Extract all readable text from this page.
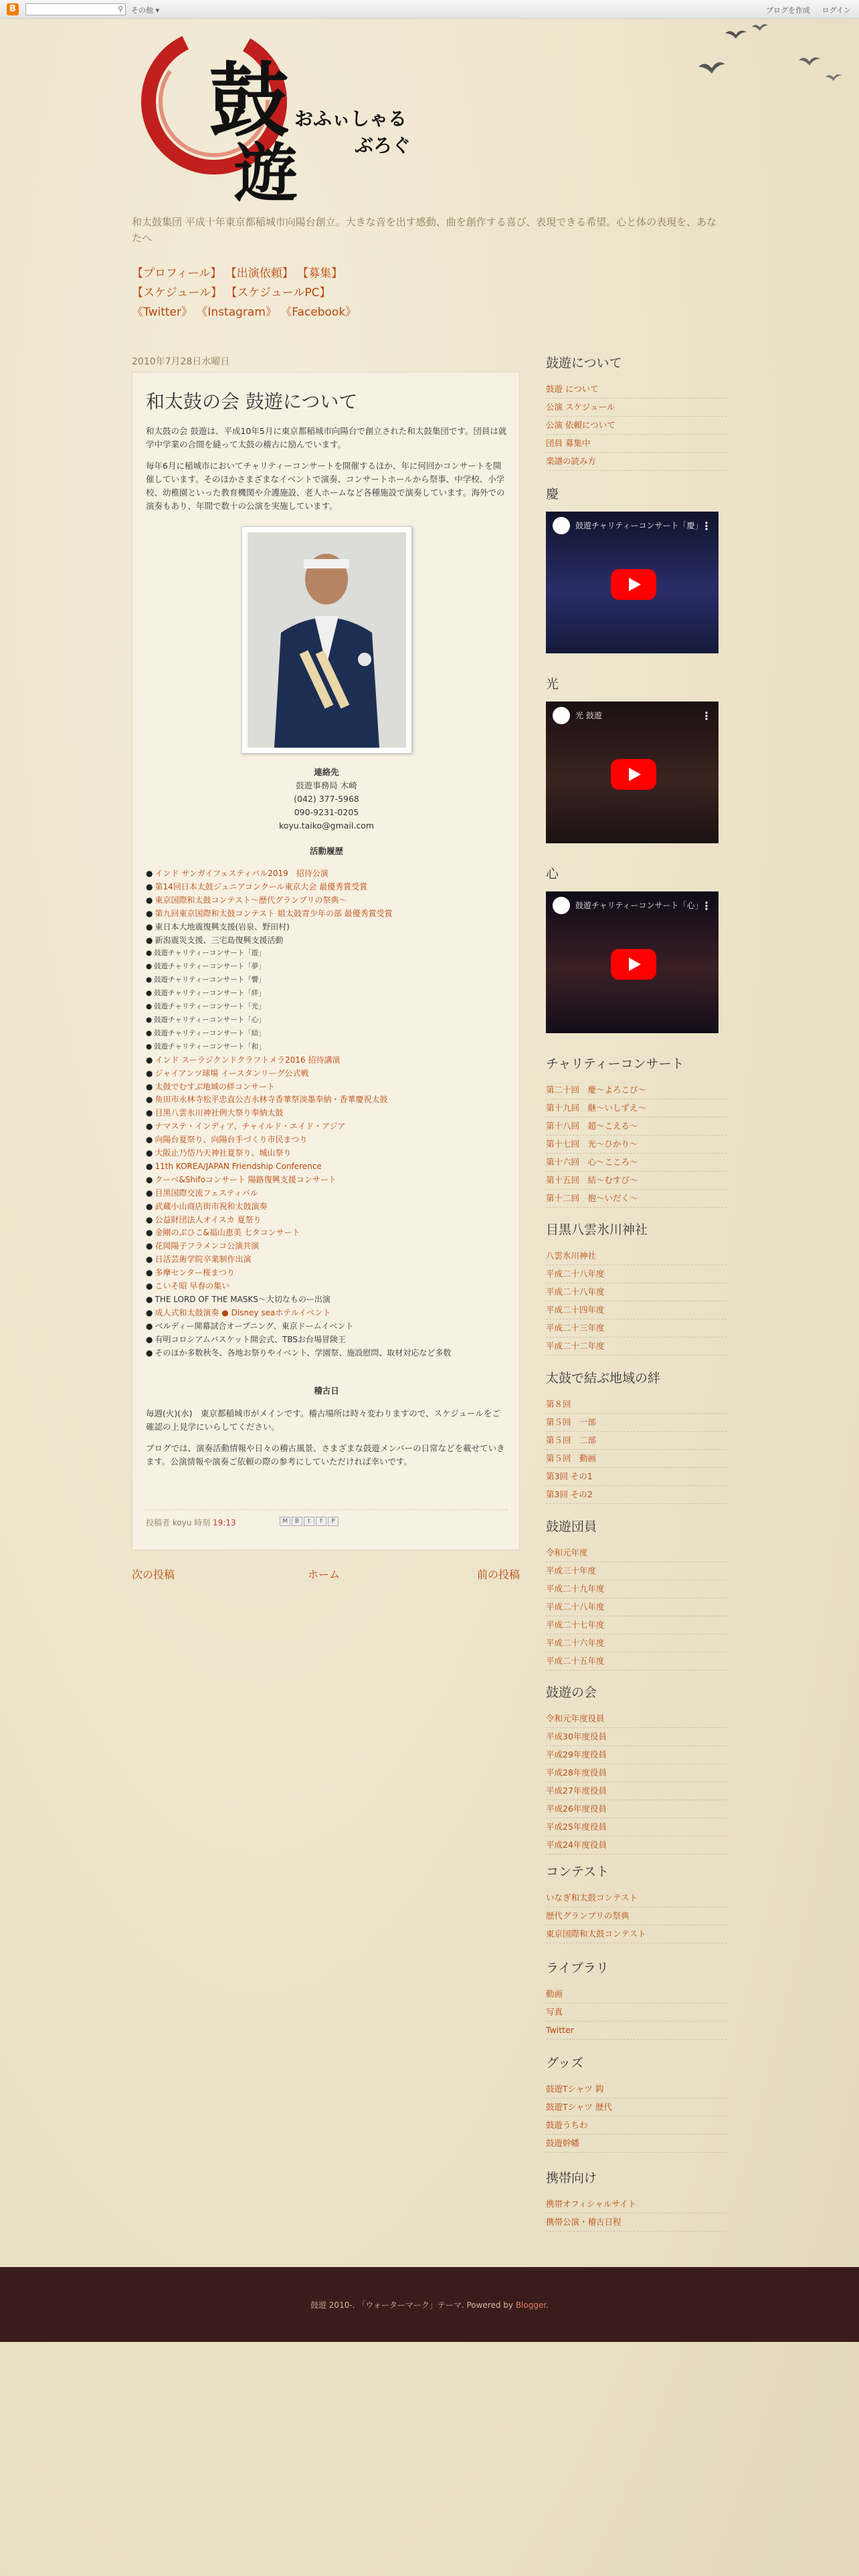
B	⚲ その他 ▾	ブログを作成 ログイン
鼓
遊
おふぃしゃる
ぶろぐ
和太鼓集団 平成十年東京都稲城市向陽台創立。大きな音を出す感動、曲を創作する喜び、表現できる希望。心と体の表現を、あなたへ
【プロフィール】 【出演依頼】 【募集】
【スケジュール】 【スケジュールPC】
《Twitter》 《Instagram》 《Facebook》
2010年7月28日水曜日
和太鼓の会 鼓遊について

和太鼓の会 鼓遊は、平成10年5月に東京都稲城市向陽台で創立された和太鼓集団です。団員は就学中学業の合間を縫って太鼓の稽古に励んでいます。

毎年6月に稲城市においてチャリティーコンサートを開催するほか、年に何回かコンサートを開催しています。そのほかさまざまなイベントで演奏、コンサートホールから祭事、中学校、小学校、幼稚園といった教育機関や介護施設、老人ホームなど各種施設で演奏しています。海外での演奏もあり、年間で数十の公演を実施しています。

連絡先
鼓遊事務局 木崎
(042) 377-5968
090-9231-0205
koyu.taiko@gmail.com
活動履歴
● インド サンガイフェスティバル2019　招待公演
● 第14回日本太鼓ジュニアコンクール東京大会 最優秀賞受賞
● 東京国際和太鼓コンテスト～歴代グランプリの祭典～
● 第九回東京国際和太鼓コンテスト 組太鼓青少年の部 最優秀賞受賞
● 東日本大地震復興支援(岩泉、野田村)
● 新潟震災支援、三宅島復興支援活動
● 鼓遊チャリティーコンサート「遊」
● 鼓遊チャリティーコンサート「夢」
● 鼓遊チャリティーコンサート「響」
● 鼓遊チャリティーコンサート「絆」
● 鼓遊チャリティーコンサート「光」
● 鼓遊チャリティーコンサート「心」
● 鼓遊チャリティーコンサート「結」
● 鼓遊チャリティーコンサート「和」
● インド スーラジクンドクラフトメラ2016 招待講演
● ジャイアンツ球場 イースタンリーグ公式戦
● 太鼓でむすぶ地域の絆コンサート
● 角田市永林寺松平忠直公吉永林寺香華祭淡墨奉納・香華慶祝太鼓
● 目黒八雲氷川神社例大祭り奉納太鼓
● ナマステ・インディア、チャイルド・エイド・アジア
● 向陽台夏祭り、向陽台手づくり市民まつり
● 大阪止乃岱乃天神社夏祭り、城山祭り
● 11th KOREA/JAPAN Friendship Conference
● クーベ&Shifoコンサート 陽路復興支援コンサート
● 目黒国際交流フェスティバル
● 武蔵小山商店街市祝和太鼓演奏
● 公益財団法人オイスカ 夏祭り
● 金剛のぶひこ&福山恵美 七タコンサート
● 花岡陽子フラメンコ公演共演
● 日活芸術学院卒業制作出演
● 多摩センター桜まつり
● こいそ昭 早春の集い
● THE LORD OF THE MASKS～大切なものー出演
● 成人式和太鼓演奏 ● Disney seaホテルイベント
● ベルディー開幕試合オープニング、東京ドームイベント
● 有明コロシアムバスケット開会式、TBSお台場冒険王
● そのほか多数秋冬、各地お祭りやイベント、学園祭、施設慰問、取材対応など多数
稽古日

毎週(火)(水)　東京都稲城市がメインです。稽古場所は時々変わりますので、スケジュールをご確認の上見学にいらしてください。

ブログでは、演奏活動情報や日々の稽古風景、さまざまな鼓遊メンバーの日常などを載せていきます。公演情報や演奏ご依頼の際の参考にしていただければ幸いです。

投稿者 koyu 時刻 19:13	M B t f P
次の投稿	ホーム	前の投稿
鼓遊について
鼓遊 について
公演 スケジュール
公演 依頼について
団員 募集中
楽譜の読み方
慶
鼓遊チャリティーコンサート「慶」
⋮
光
光 鼓遊	⋮
心
鼓遊チャリティーコンサート「心」
⋮
チャリティーコンサート
第二十回　慶～よろこび～
第十九回　継～いしずえ～
第十八回　超～こえる～
第十七回　光～ひかり～
第十六回　心～こころ～
第十五回　結～むすび～
第十二回　抱～いだく～
目黒八雲氷川神社
八雲氷川神社
平成二十八年度
平成二十八年度
平成二十四年度
平成二十三年度
平成二十二年度
太鼓で結ぶ地域の絆
第８回
第５回　一部
第５回　二部
第５回　動画
第3回 その1
第3回 その2
鼓遊団員
令和元年度
平成三十年度
平成二十九年度
平成二十八年度
平成二十七年度
平成二十六年度
平成二十五年度
鼓遊の会
令和元年度役員
平成30年度役員
平成29年度役員
平成28年度役員
平成27年度役員
平成26年度役員
平成25年度役員
平成24年度役員
コンテスト
いなぎ和太鼓コンテスト
歴代グランプリの祭典
東京国際和太鼓コンテスト
ライブラリ
動画
写真
Twitter
グッズ
鼓遊Tシャツ 鈎
鼓遊Tシャツ 歴代
鼓遊うちわ
鼓遊幹幡
携帯向け
携帯オフィシャルサイト
携帯公演・稽古日程
鼓遊 2010-. 「ウォーターマーク」テーマ. Powered by Blogger.
